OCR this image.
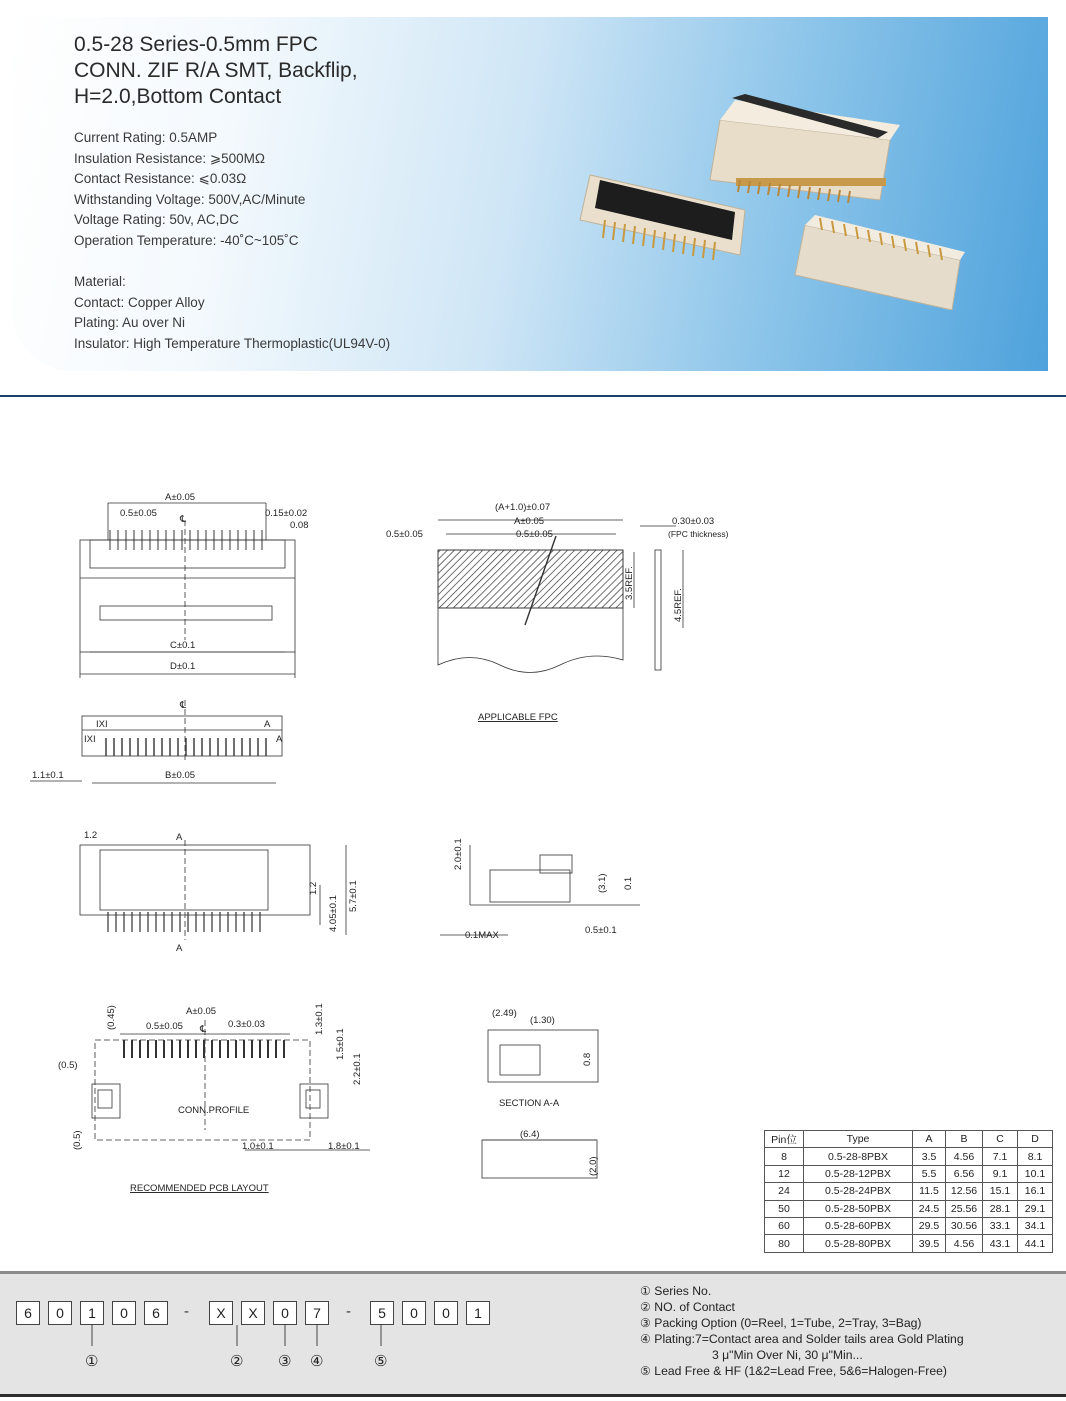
0.5-28 Series-0.5mm FPC
CONN. ZIF R/A SMT, Backflip,
H=2.0,Bottom Contact
Current Rating: 0.5AMP
Insulation Resistance: ⩾500MΩ
Contact Resistance: ⩽0.03Ω
Withstanding Voltage: 500V,AC/Minute
Voltage Rating: 50v, AC,DC
Operation Temperature: -40˚C~105˚C
Material:
Contact: Copper Alloy
Plating: Au over Ni
Insulator: High Temperature Thermoplastic(UL94V-0)
A±0.05
0.5±0.05
℄
0.15±0.02
0.08
C±0.1
D±0.1
℄
IXI	A
IXI	A
B±0.05
1.1±0.1
(A+1.0)±0.07
A±0.05
0.5±0.05	0.5±0.05
0.30±0.03
(FPC thickness)
3.5REF.
4.5REF.
APPLICABLE FPC
1.2	A
A
1.2
4.05±0.1 5.7±0.1
2.0±0.1
(3.1) 0.1
0.1MAX	0.5±0.1
(0.45)	A±0.05
0.5±0.05 ℄ 0.3±0.03	1.3±0.1
1.5±0.1
2.2±0.1
(0.5)
(0.5)
CONN.PROFILE
1.0±0.1	1.8±0.1
RECOMMENDED PCB LAYOUT
(2.49)
(1.30)
0.8
SECTION A-A
(6.4)
(2.0)
Pin位	Type	A	B	C	D
8	0.5-28-8PBX	3.5	4.56	7.1	8.1
12	0.5-28-12PBX	5.5	6.56	9.1	10.1
24	0.5-28-24PBX	11.5	12.56	15.1	16.1
50	0.5-28-50PBX	24.5	25.56	28.1	29.1
60	0.5-28-60PBX	29.5	30.56	33.1	34.1
80	0.5-28-80PBX	39.5	4.56	43.1	44.1
6	0	1	0	6	-	X	X	0	7	-	5	0	0	1
①	② ③ ④	⑤
① Series No.
② NO. of Contact
③ Packing Option (0=Reel, 1=Tube, 2=Tray, 3=Bag)
④ Plating:7=Contact area and Solder tails area Gold Plating
3 μ"Min Over Ni, 30 μ"Min...
⑤ Lead Free & HF (1&2=Lead Free, 5&6=Halogen-Free)
